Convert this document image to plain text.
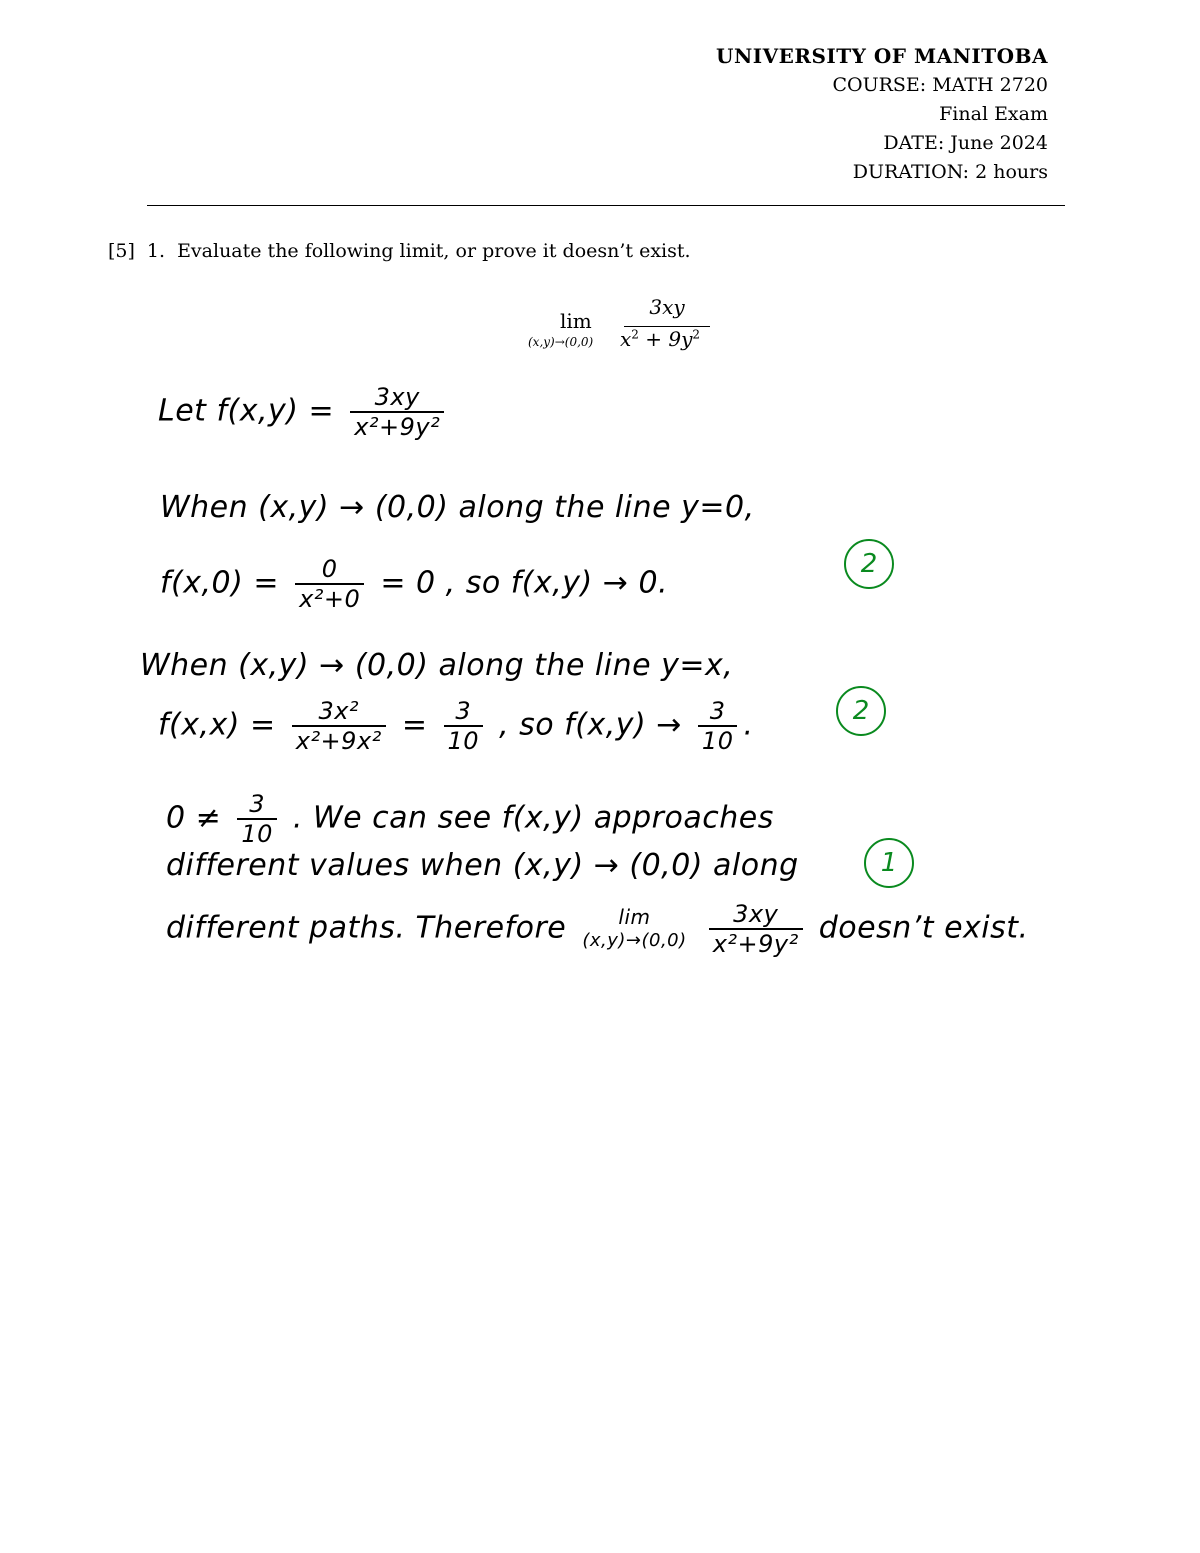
UNIVERSITY OF MANITOBA
COURSE: MATH 2720
Final Exam
DATE: June 2024
DURATION: 2 hours
[5] 1. Evaluate the following limit, or prove it doesn’t exist.
lim
(x,y)→(0,0)
3xy
$x^2 + 9y^2$
Let $f(x,y) = \frac{3xy}{\text{x²+9y²}}$
When (x,y) → (0,0) along the line y=0,
$f(x,0) = \frac{0}{\text{x²+0}} = 0$ , so f(x,y) → 0.
When (x,y) → (0,0) along the line y=x,
$f(x,x) = \frac{\text{3x²}}{\text{x²+9x²}} = \frac{3}{10}$ , so $f(x,y) \to \frac{3}{10}$ .
$0 \ne \frac{3}{10}$ . We can see f(x,y) approaches
different values when (x,y) → (0,0) along
different paths. Therefore	lim
(x,y)→(0,0)
$\frac{3xy}{\text{x²+9y²}}$ doesn’t exist.
2
2
1
